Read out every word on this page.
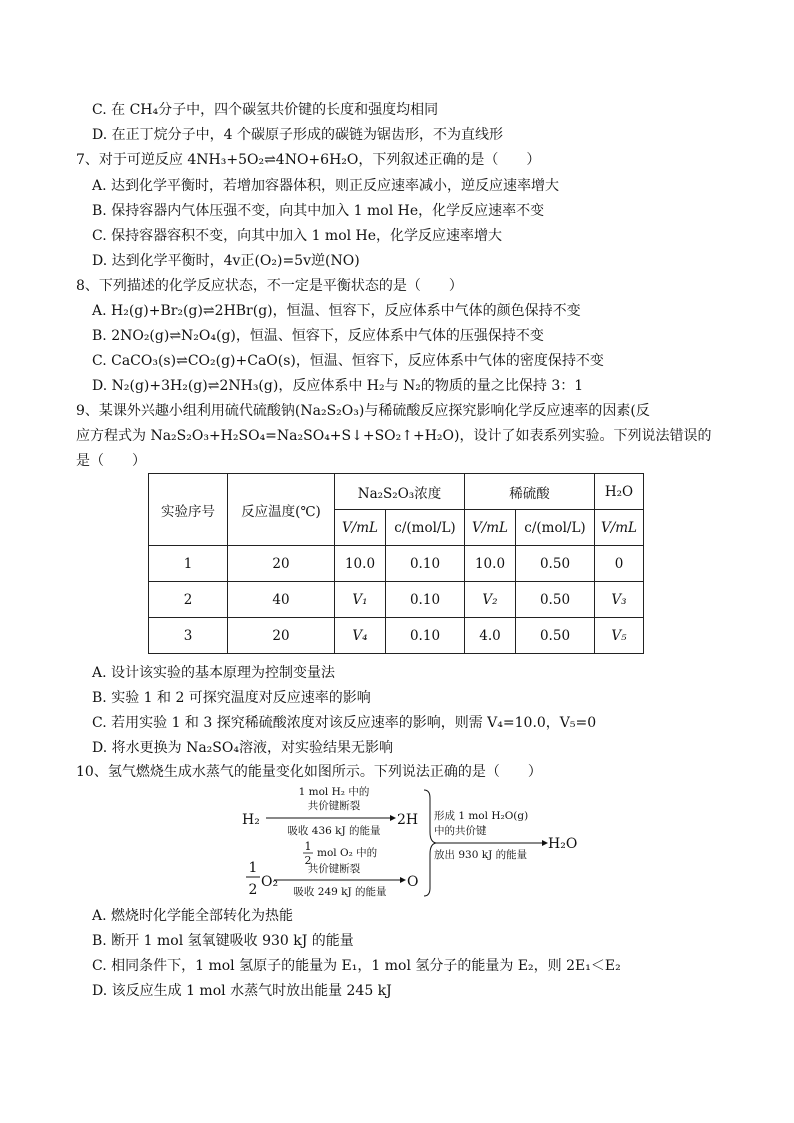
C. 在 CH₄分子中，四个碳氢共价键的长度和强度均相同
D. 在正丁烷分子中，4 个碳原子形成的碳链为锯齿形，不为直线形
7、对于可逆反应 4NH₃+5O₂⇌4NO+6H₂O，下列叙述正确的是（　　）
A. 达到化学平衡时，若增加容器体积，则正反应速率减小，逆反应速率增大
B. 保持容器内气体压强不变，向其中加入 1 mol He，化学反应速率不变
C. 保持容器容积不变，向其中加入 1 mol He，化学反应速率增大
D. 达到化学平衡时，4v正(O₂)=5v逆(NO)
8、下列描述的化学反应状态，不一定是平衡状态的是（　　）
A. H₂(g)+Br₂(g)⇌2HBr(g)，恒温、恒容下，反应体系中气体的颜色保持不变
B. 2NO₂(g)⇌N₂O₄(g)，恒温、恒容下，反应体系中气体的压强保持不变
C. CaCO₃(s)⇌CO₂(g)+CaO(s)，恒温、恒容下，反应体系中气体的密度保持不变
D. N₂(g)+3H₂(g)⇌2NH₃(g)，反应体系中 H₂与 N₂的物质的量之比保持 3：1
9、某课外兴趣小组利用硫代硫酸钠(Na₂S₂O₃)与稀硫酸反应探究影响化学反应速率的因素(反
应方程式为 Na₂S₂O₃+H₂SO₄=Na₂SO₄+S↓+SO₂↑+H₂O)，设计了如表系列实验。下列说法错误的
是（　　）
实验序号	反应温度(℃)	Na₂S₂O₃浓度		稀硫酸		H₂O
		V/mL	c/(mol/L)	V/mL	c/(mol/L)	V/mL
1	20	10.0	0.10	10.0	0.50	0
2	40	V₁	0.10	V₂	0.50	V₃
3	20	V₄	0.10	4.0	0.50	V₅
A. 设计该实验的基本原理为控制变量法
B. 实验 1 和 2 可探究温度对反应速率的影响
C. 若用实验 1 和 3 探究稀硫酸浓度对该反应速率的影响，则需 V₄=10.0，V₅=0
D. 将水更换为 Na₂SO₄溶液，对实验结果无影响
10、氢气燃烧生成水蒸气的能量变化如图所示。下列说法正确的是（　　）
H₂
1 mol H₂ 中的
共价键断裂
吸收 436 kJ 的能量
2H
1
2
mol O₂ 中的
共价键断裂
吸收 249 kJ 的能量
1
2 O₂	O
形成 1 mol H₂O(g)
中的共价键
放出 930 kJ 的能量
H₂O
A. 燃烧时化学能全部转化为热能
B. 断开 1 mol 氢氧键吸收 930 kJ 的能量
C. 相同条件下，1 mol 氢原子的能量为 E₁，1 mol 氢分子的能量为 E₂，则 2E₁＜E₂
D. 该反应生成 1 mol 水蒸气时放出能量 245 kJ
